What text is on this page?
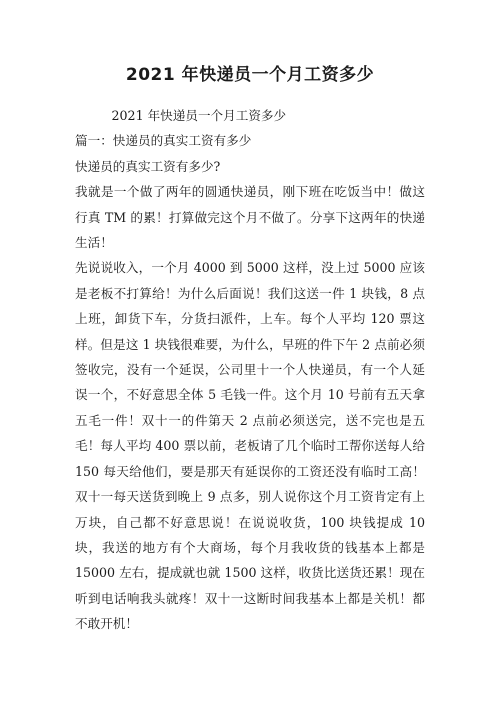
2021 年快递员一个月工资多少

2021 年快递员一个月工资多少

篇一：快递员的真实工资有多少

快递员的真实工资有多少?

我就是一个做了两年的圆通快递员，刚下班在吃饭当中！做这行真 TM 的累！打算做完这个月不做了。分享下这两年的快递生活！

先说说收入，一个月 4000 到 5000 这样，没上过 5000 应该是老板不打算给！为什么后面说！我们这送一件 1 块钱，8 点上班，卸货下车，分货扫派件，上车。每个人平均 120 票这样。但是这 1 块钱很难要，为什么，早班的件下午 2 点前必须签收完，没有一个延误，公司里十一个人快递员，有一个人延误一个，不好意思全体 5 毛钱一件。这个月 10 号前有五天拿五毛一件！双十一的件第天 2 点前必须送完，送不完也是五毛！每人平均 400 票以前，老板请了几个临时工帮你送每人给 150 每天给他们，要是那天有延误你的工资还没有临时工高！双十一每天送货到晚上 9 点多，别人说你这个月工资肯定有上万块，自己都不好意思说！在说说收货，100 块钱提成 10 块，我送的地方有个大商场，每个月我收货的钱基本上都是 15000 左右，提成就也就 1500 这样，收货比送货还累！现在听到电话响我头就疼！双十一这断时间我基本上都是关机！都不敢开机！
